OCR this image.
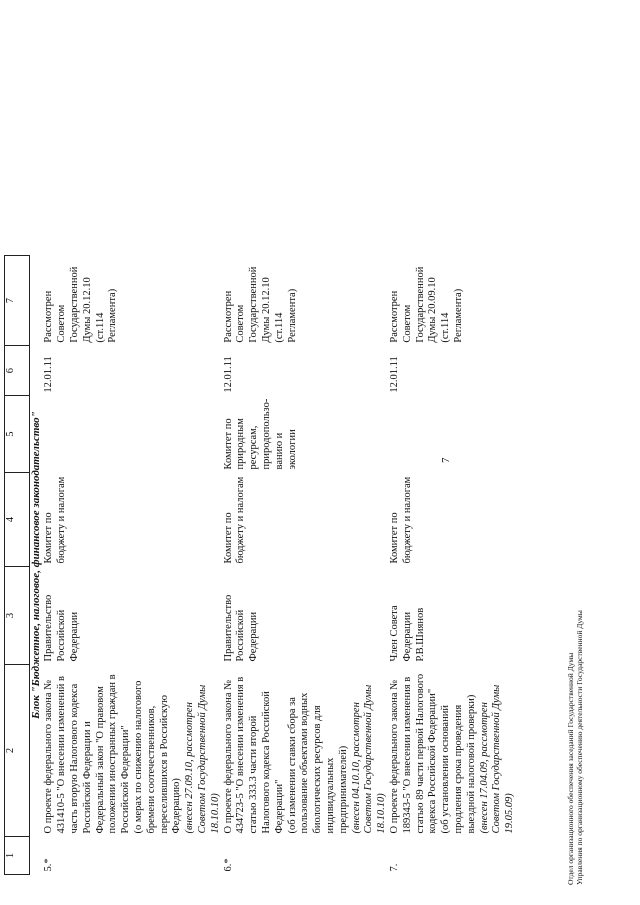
7
1	2	3	4	5	6	7
Блок "Бюджетное, налоговое, финансовое законодательство"						
5.*	О проекте федерального закона № 431410-5 "О внесении изменений в часть вторую Налогового кодекса Российской Федерации и Федеральный закон "О правовом положении иностранных граждан в Российской Федерации" (о мерах по снижению налогового бремени соотечественников, переселившихся в Российскую Федерацию) (внесен 27.09.10, рассмотрен Советом Государственной Думы 18.10.10)	Правительство Российской Федерации	Комитет по бюджету и налогам		12.01.11	Рассмотрен Советом Государственной Думы 20.12.10 (ст.114 Регламента)
6.*	О проекте федерального закона № 434723-5 "О внесении изменения в статью 333.3 части второй Налогового кодекса Российской Федерации" (об изменении ставки сбора за пользование объектами водных биологических ресурсов для индивидуальных предпринимателей) (внесен 04.10.10, рассмотрен Советом Государственной Думы 18.10.10)	Правительство Российской Федерации	Комитет по бюджету и налогам	Комитет по природным ресурсам, природопользо-ванию и экологии	12.01.11	Рассмотрен Советом Государственной Думы 20.12.10 (ст.114 Регламента)
7.	О проекте федерального закона № 189343-5 "О внесении изменения в статью 89 части первой Налогового кодекса Российской Федерации" (об установлении оснований продления срока проведения выездной налоговой проверки) (внесен 17.04.09, рассмотрен Советом Государственной Думы 19.05.09)	Член Совета Федерации Р.В.Шиянов	Комитет по бюджету и налогам		12.01.11	Рассмотрен Советом Государственной Думы 20.09.10 (ст.114 Регламента)
Отдел организационного обеспечения заседаний Государственной Думы Управления по организационному обеспечению деятельности Государственной Думы
